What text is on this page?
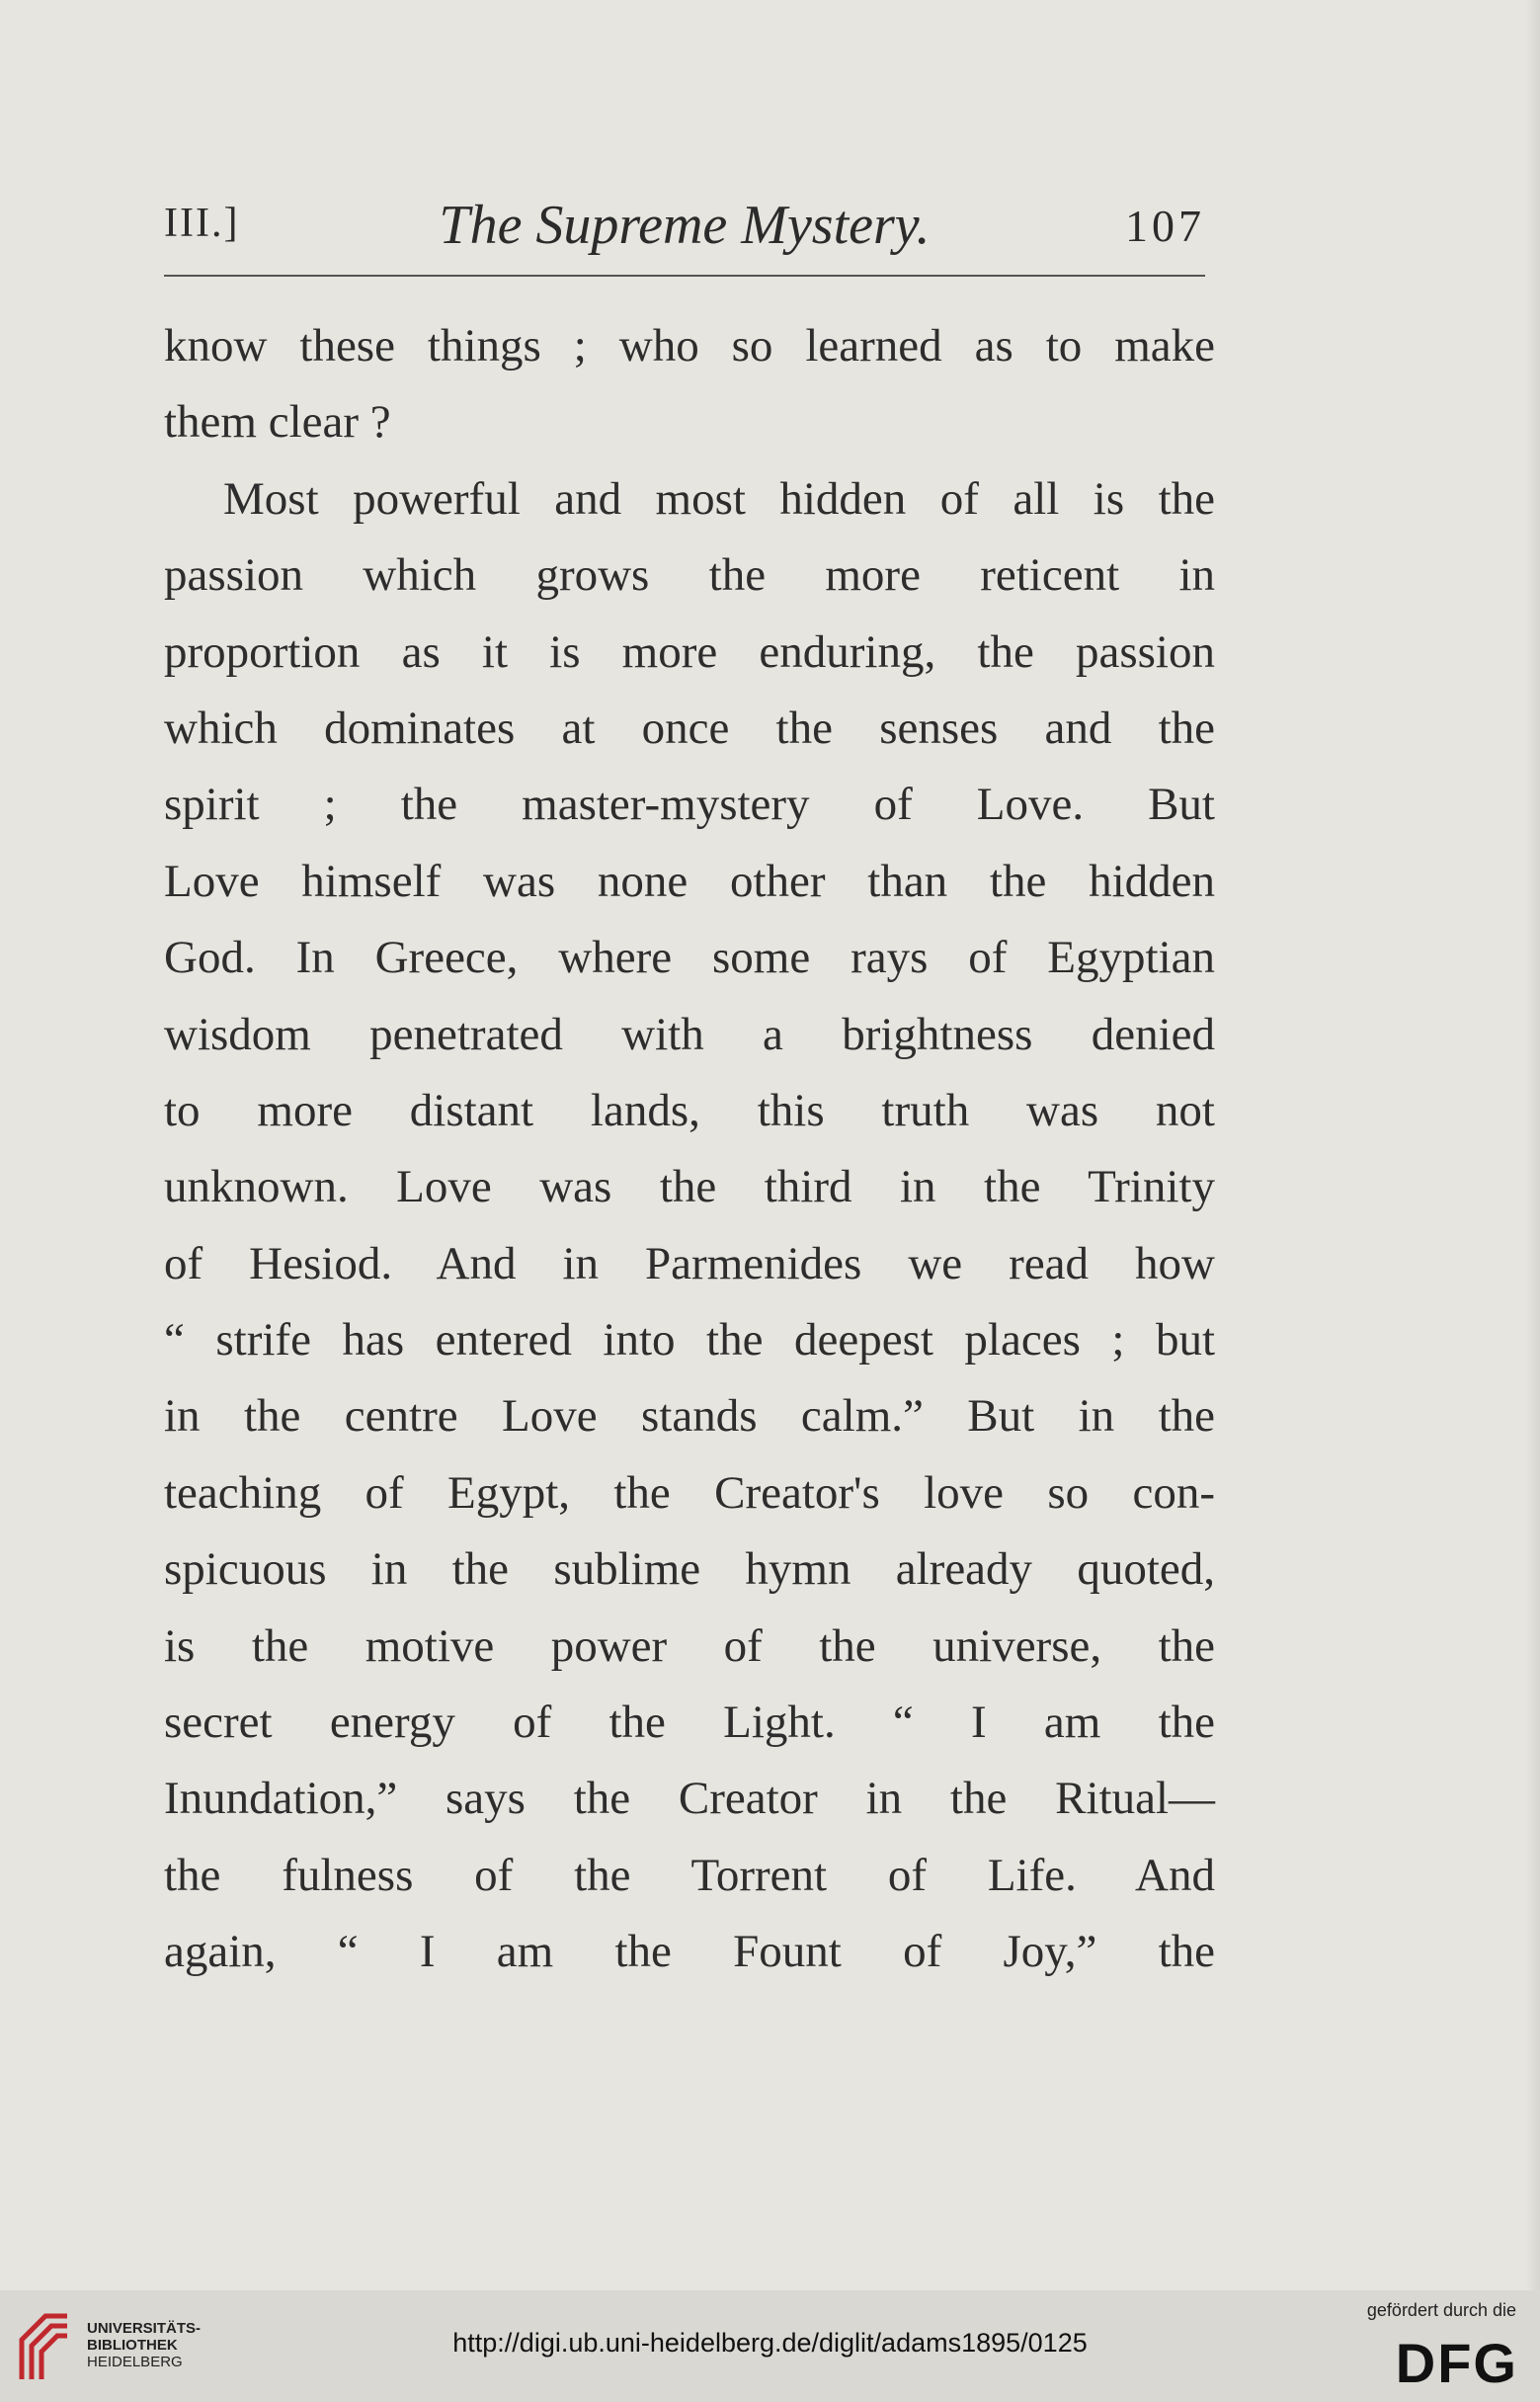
III.]	The Supreme Mystery.	107
know these things ; who so learned as to make
them clear ?
Most powerful and most hidden of all is the
passion which grows the more reticent in
proportion as it is more enduring, the passion
which dominates at once the senses and the
spirit ; the master-mystery of Love. But
Love himself was none other than the hidden
God. In Greece, where some rays of Egyptian
wisdom penetrated with a brightness denied
to more distant lands, this truth was not
unknown. Love was the third in the Trinity
of Hesiod. And in Parmenides we read how
“ strife has entered into the deepest places ; but
in the centre Love stands calm.” But in the
teaching of Egypt, the Creator's love so con-
spicuous in the sublime hymn already quoted,
is the motive power of the universe, the
secret energy of the Light. “ I am the
Inundation,” says the Creator in the Ritual—
the fulness of the Torrent of Life. And
again, “ I am the Fount of Joy,” the
UNIVERSITÄTS-
BIBLIOTHEK
HEIDELBERG
http://digi.ub.uni-heidelberg.de/diglit/adams1895/0125
gefördert durch die
DFG
